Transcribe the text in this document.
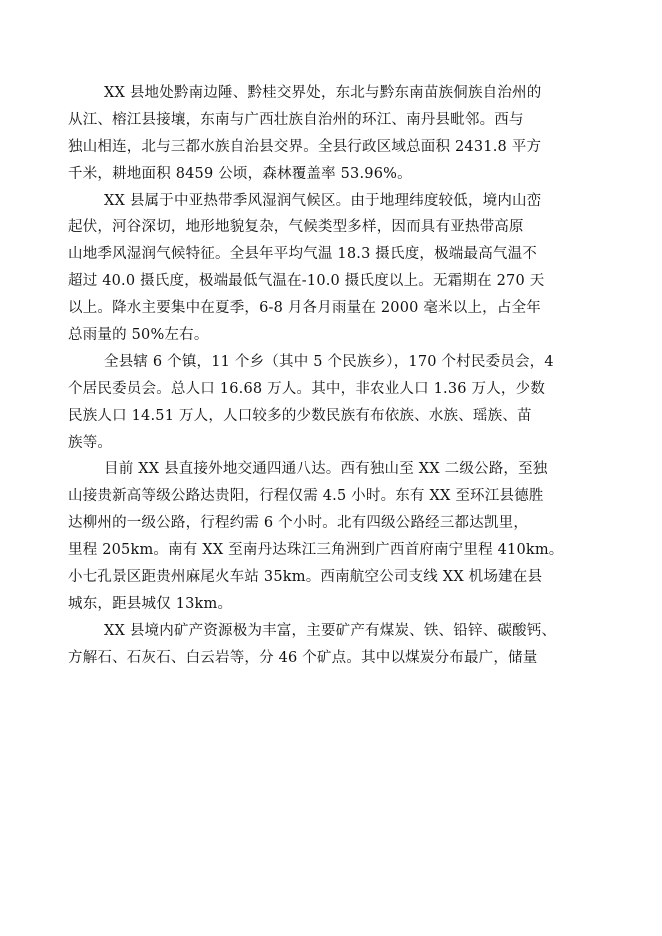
XX 县地处黔南边陲、黔桂交界处，东北与黔东南苗族侗族自治州的
从江、榕江县接壤，东南与广西壮族自治州的环江、南丹县毗邻。西与
独山相连，北与三都水族自治县交界。全县行政区域总面积 2431.8 平方
千米，耕地面积 8459 公顷，森林覆盖率 53.96%。
XX 县属于中亚热带季风湿润气候区。由于地理纬度较低，境内山峦
起伏，河谷深切，地形地貌复杂，气候类型多样，因而具有亚热带高原
山地季风湿润气候特征。全县年平均气温 18.3 摄氏度，极端最高气温不
超过 40.0 摄氏度，极端最低气温在-10.0 摄氏度以上。无霜期在 270 天
以上。降水主要集中在夏季，6-8 月各月雨量在 2000 毫米以上，占全年
总雨量的 50%左右。
全县辖 6 个镇，11 个乡（其中 5 个民族乡），170 个村民委员会，4
个居民委员会。总人口 16.68 万人。其中，非农业人口 1.36 万人，少数
民族人口 14.51 万人，人口较多的少数民族有布依族、水族、瑶族、苗
族等。
目前 XX 县直接外地交通四通八达。西有独山至 XX 二级公路，至独
山接贵新高等级公路达贵阳，行程仅需 4.5 小时。东有 XX 至环江县德胜
达柳州的一级公路，行程约需 6 个小时。北有四级公路经三都达凯里，
里程 205km。南有 XX 至南丹达珠江三角洲到广西首府南宁里程 410km。
小七孔景区距贵州麻尾火车站 35km。西南航空公司支线 XX 机场建在县
城东，距县城仅 13km。
XX 县境内矿产资源极为丰富，主要矿产有煤炭、铁、铅锌、碳酸钙、
方解石、石灰石、白云岩等，分 46 个矿点。其中以煤炭分布最广，储量
